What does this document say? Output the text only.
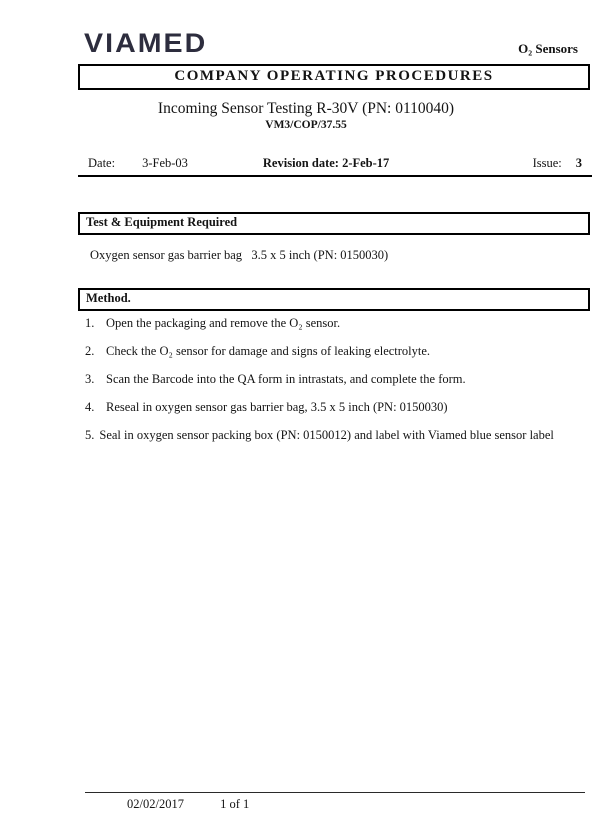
VIAMED	O₂ Sensors
COMPANY OPERATING PROCEDURES
Incoming Sensor Testing R-30V (PN: 0110040)
VM3/COP/37.55
Date: 3-Feb-03	Revision date: 2-Feb-17	Issue: 3
Test & Equipment Required
Oxygen sensor gas barrier bag   3.5 x 5 inch (PN: 0150030)
Method.
1. Open the packaging and remove the O₂ sensor.
2. Check the O₂ sensor for damage and signs of leaking electrolyte.
3. Scan the Barcode into the QA form in intrastats, and complete the form.
4. Reseal in oxygen sensor gas barrier bag, 3.5 x 5 inch (PN: 0150030)
5. Seal in oxygen sensor packing box (PN: 0150012) and label with Viamed blue sensor label
02/02/2017	1 of 1
